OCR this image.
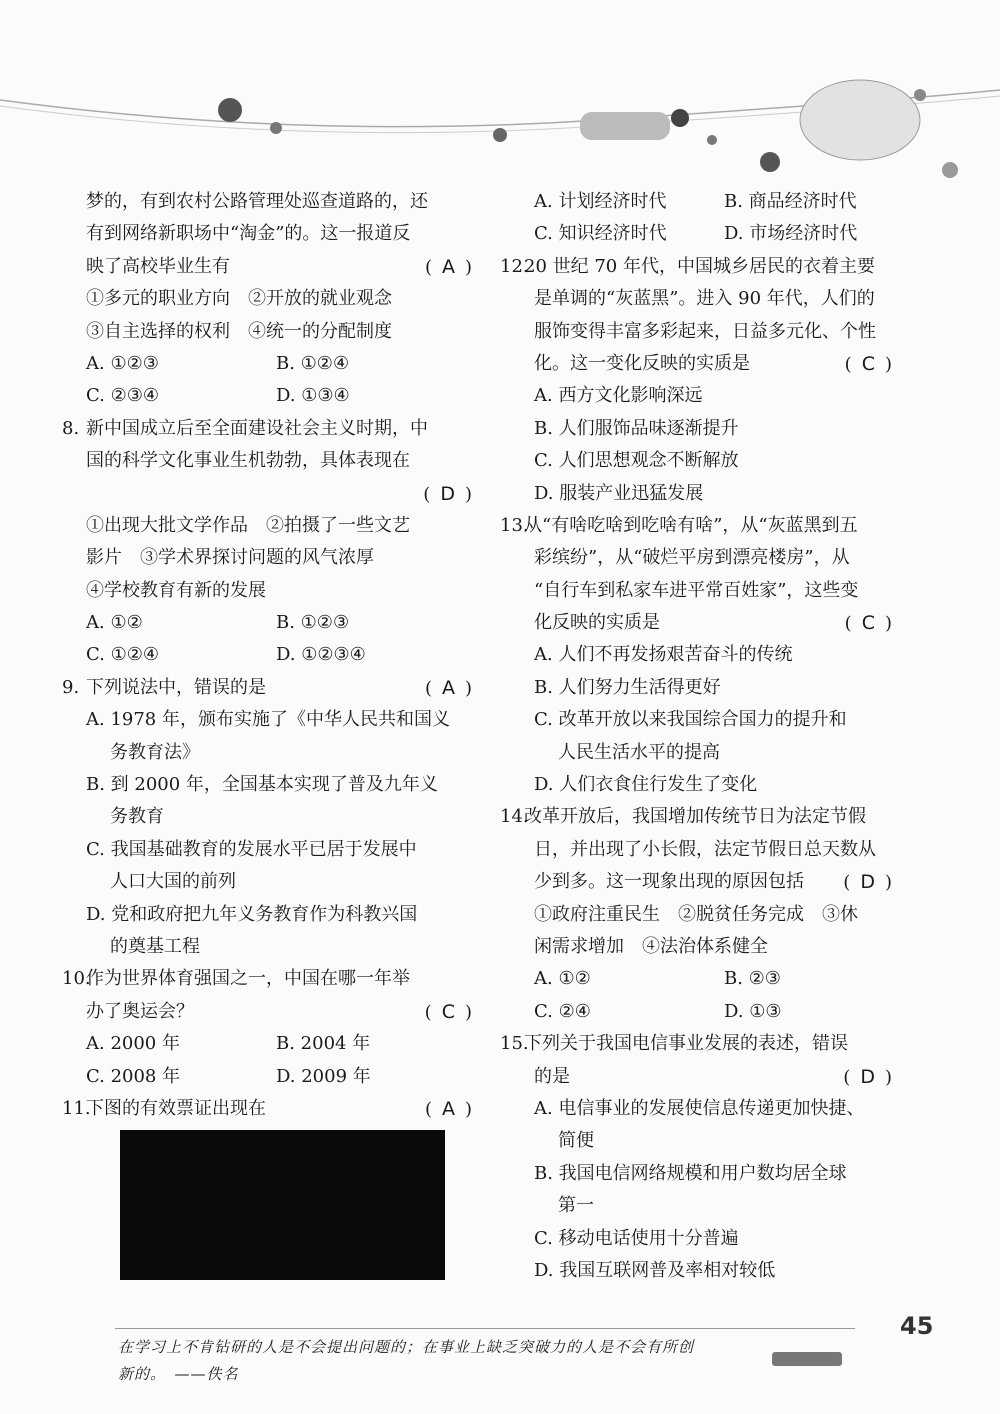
梦的，有到农村公路管理处巡查道路的，还
有到网络新职场中“淘金”的。这一报道反
映了高校毕业生有	( A )
①多元的职业方向　②开放的就业观念
③自主选择的权利　④统一的分配制度
A. ①②③	B. ①②④
C. ②③④	D. ①③④
8. 新中国成立后至全面建设社会主义时期，中
国的科学文化事业生机勃勃，具体表现在
( D )
①出现大批文学作品　②拍摄了一些文艺
影片　③学术界探讨问题的风气浓厚
④学校教育有新的发展
A. ①②	B. ①②③
C. ①②④	D. ①②③④
9. 下列说法中，错误的是	( A )
A. 1978 年，颁布实施了《中华人民共和国义
务教育法》
B. 到 2000 年，全国基本实现了普及九年义
务教育
C. 我国基础教育的发展水平已居于发展中
人口大国的前列
D. 党和政府把九年义务教育作为科教兴国
的奠基工程
10.作为世界体育强国之一，中国在哪一年举
办了奥运会？	( C )
A. 2000 年	B. 2004 年
C. 2008 年	D. 2009 年
11.下图的有效票证出现在	( A )
A. 计划经济时代	B. 商品经济时代
C. 知识经济时代	D. 市场经济时代
12.20 世纪 70 年代，中国城乡居民的衣着主要
是单调的“灰蓝黑”。进入 90 年代，人们的
服饰变得丰富多彩起来，日益多元化、个性
化。这一变化反映的实质是	( C )
A. 西方文化影响深远
B. 人们服饰品味逐渐提升
C. 人们思想观念不断解放
D. 服装产业迅猛发展
13.从“有啥吃啥到吃啥有啥”，从“灰蓝黑到五
彩缤纷”，从“破烂平房到漂亮楼房”，从
“自行车到私家车进平常百姓家”，这些变
化反映的实质是	( C )
A. 人们不再发扬艰苦奋斗的传统
B. 人们努力生活得更好
C. 改革开放以来我国综合国力的提升和
人民生活水平的提高
D. 人们衣食住行发生了变化
14.改革开放后，我国增加传统节日为法定节假
日，并出现了小长假，法定节假日总天数从
少到多。这一现象出现的原因包括 ( D )
①政府注重民生　②脱贫任务完成　③休
闲需求增加　④法治体系健全
A. ①②	B. ②③
C. ②④	D. ①③
15.下列关于我国电信事业发展的表述，错误
的是	( D )
A. 电信事业的发展使信息传递更加快捷、
简便
B. 我国电信网络规模和用户数均居全球
第一
C. 移动电话使用十分普遍
D. 我国互联网普及率相对较低
在学习上不肯钻研的人是不会提出问题的；在事业上缺乏突破力的人是不会有所创
新的。　——佚名
45
